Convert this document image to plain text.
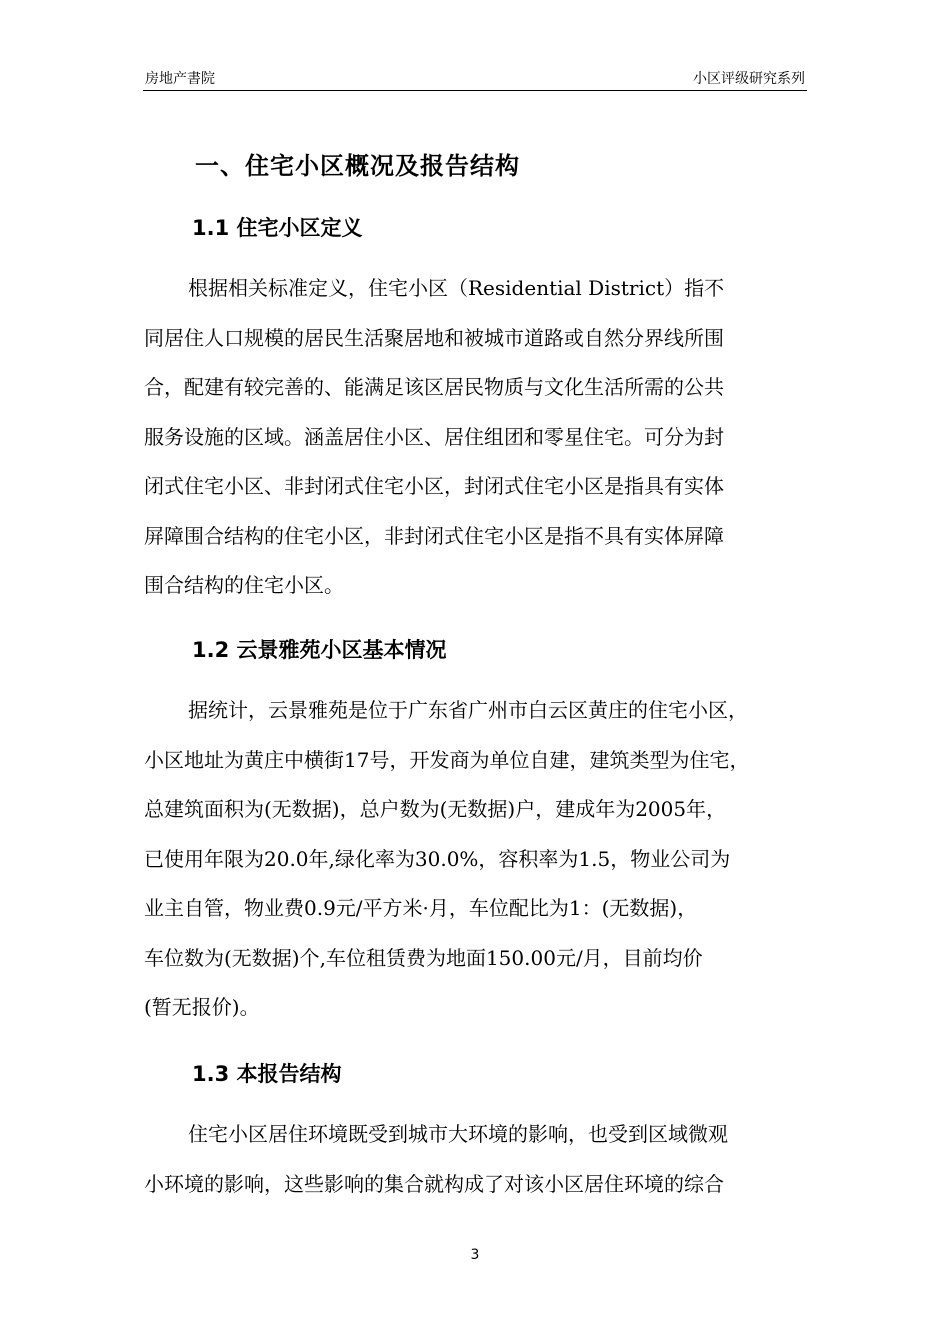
房地产書院	小区评级研究系列
一、住宅小区概况及报告结构
1.1 住宅小区定义
根据相关标准定义，住宅小区（Residential District）指不
同居住人口规模的居民生活聚居地和被城市道路或自然分界线所围
合，配建有较完善的、能满足该区居民物质与文化生活所需的公共
服务设施的区域。涵盖居住小区、居住组团和零星住宅。可分为封
闭式住宅小区、非封闭式住宅小区，封闭式住宅小区是指具有实体
屏障围合结构的住宅小区，非封闭式住宅小区是指不具有实体屏障
围合结构的住宅小区。
1.2 云景雅苑小区基本情况
据统计，云景雅苑是位于广东省广州市白云区黄庄的住宅小区，
小区地址为黄庄中横街17号，开发商为单位自建，建筑类型为住宅，
总建筑面积为(无数据)，总户数为(无数据)户，建成年为2005年，
已使用年限为20.0年,绿化率为30.0%，容积率为1.5，物业公司为
业主自管，物业费0.9元/平方米·月，车位配比为1：(无数据)，
车位数为(无数据)个,车位租赁费为地面150.00元/月，目前均价
(暂无报价)。
1.3 本报告结构
住宅小区居住环境既受到城市大环境的影响，也受到区域微观
小环境的影响，这些影响的集合就构成了对该小区居住环境的综合
3
